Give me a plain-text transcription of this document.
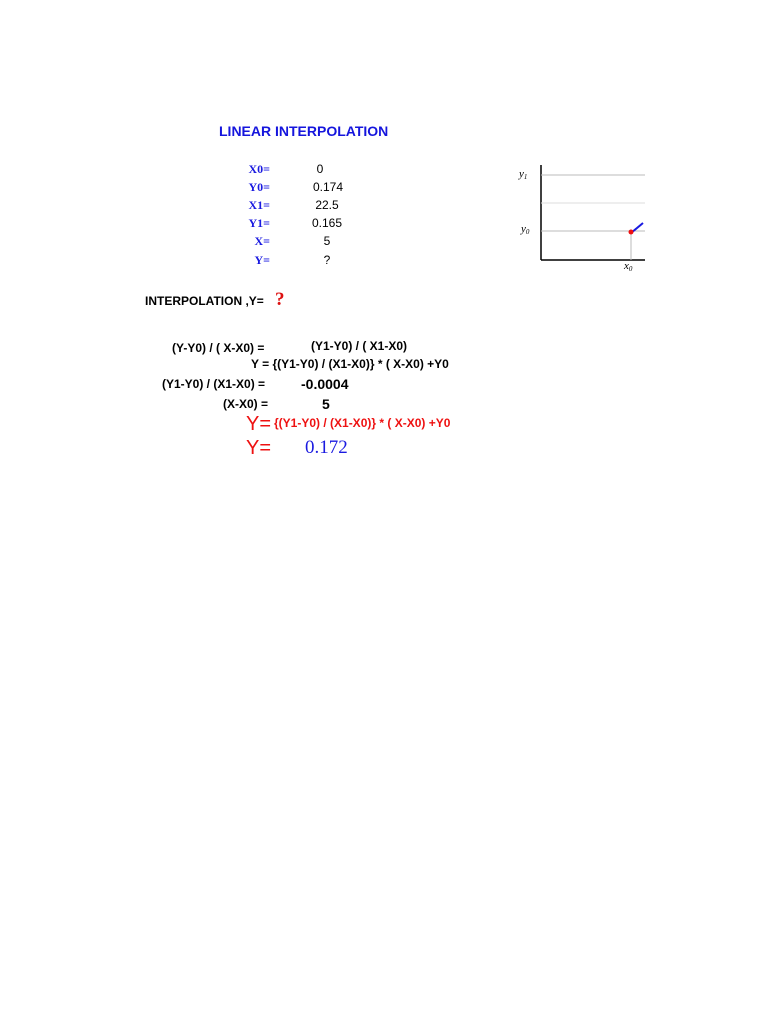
LINEAR INTERPOLATION
X0=	0
Y0=	0.174
X1=	22.5
Y1=	0.165
X=	5
Y=	?
INTERPOLATION ,Y= ?
(Y-Y0) / ( X-X0) =	(Y1-Y0) / ( X1-X0)
Y = {(Y1-Y0) / (X1-X0)} * ( X-X0) +Y0
(Y1-Y0) / (X1-X0) =	-0.0004
(X-X0) =	5
Y= {(Y1-Y0) / (X1-X0)} * ( X-X0) +Y0
Y= 0.172
y1
y0
x0
